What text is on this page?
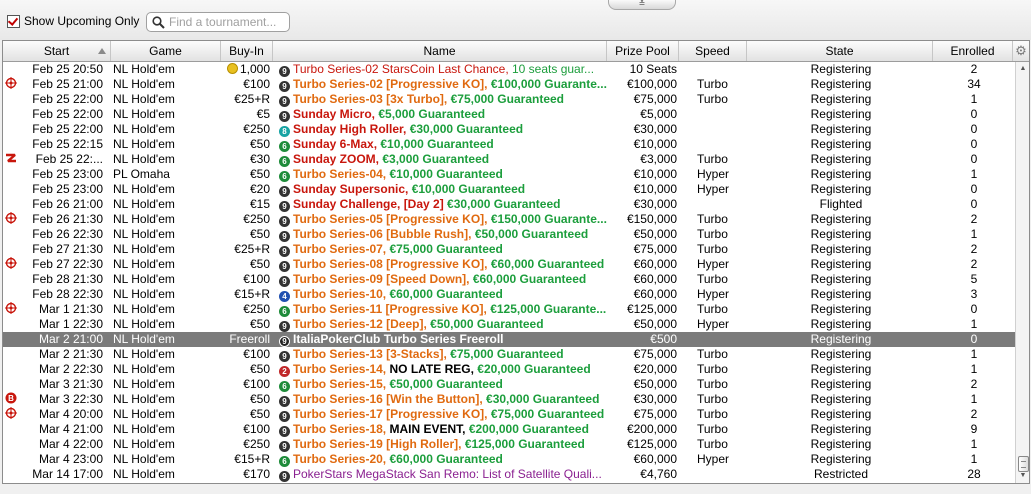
≛
Show Upcoming Only
Find a tournament...
Start	Game	Buy-In	Name	Prize Pool	Speed	State	Enrolled	⚙
Feb 25 20:50 NL Hold'em	1,000	9 Turbo Series-02 StarsCoin Last Chance, 10 seats guar...	10 Seats	Registering	2
Feb 25 21:00 NL Hold'em	€100	9 Turbo Series-02 [Progressive KO], €100,000 Guarante...	€100,000 Turbo	Registering	34
Feb 25 22:00 NL Hold'em	€25+R	9 Turbo Series-03 [3x Turbo], €75,000 Guaranteed	€75,000 Turbo	Registering	1
Feb 25 22:00 NL Hold'em	€5	9 Sunday Micro, €5,000 Guaranteed	€5,000	Registering	0
Feb 25 22:00 NL Hold'em	€250	8 Sunday High Roller, €30,000 Guaranteed	€30,000	Registering	0
Feb 25 22:15 NL Hold'em	€50	6 Sunday 6-Max, €10,000 Guaranteed	€10,000	Registering	0
Feb 25 22:... NL Hold'em	€30	6 Sunday ZOOM, €3,000 Guaranteed	€3,000 Turbo	Registering	0
Feb 25 23:00 PL Omaha	€50	6 Turbo Series-04, €10,000 Guaranteed	€10,000 Hyper	Registering	1
Feb 25 23:00 NL Hold'em	€20	9 Sunday Supersonic, €10,000 Guaranteed	€10,000 Hyper	Registering	0
Feb 26 21:00 NL Hold'em	€15	9 Sunday Challenge, [Day 2] €30,000 Guaranteed	€30,000	Flighted	0
Feb 26 21:30 NL Hold'em	€250	9 Turbo Series-05 [Progressive KO], €150,000 Guarante...	€150,000 Turbo	Registering	2
Feb 26 22:30 NL Hold'em	€50	9 Turbo Series-06 [Bubble Rush], €50,000 Guaranteed	€50,000 Turbo	Registering	1
Feb 27 21:30 NL Hold'em	€25+R	9 Turbo Series-07, €75,000 Guaranteed	€75,000 Turbo	Registering	2
Feb 27 22:30 NL Hold'em	€50	9 Turbo Series-08 [Progressive KO], €60,000 Guaranteed	€60,000 Hyper	Registering	2
Feb 28 21:30 NL Hold'em	€100	9 Turbo Series-09 [Speed Down], €60,000 Guaranteed	€60,000 Turbo	Registering	5
Feb 28 22:30 NL Hold'em	€15+R	4 Turbo Series-10, €60,000 Guaranteed	€60,000 Hyper	Registering	3
Mar 1 21:30 NL Hold'em	€250	6 Turbo Series-11 [Progressive KO], €125,000 Guarante...	€125,000 Turbo	Registering	0
Mar 1 22:30 NL Hold'em	€50	9 Turbo Series-12 [Deep], €50,000 Guaranteed	€50,000 Hyper	Registering	1
Mar 2 21:00 NL Hold'em	Freeroll	9 ItaliaPokerClub Turbo Series Freeroll	€500	Registering	0
Mar 2 21:30 NL Hold'em	€100	9 Turbo Series-13 [3-Stacks], €75,000 Guaranteed	€75,000 Turbo	Registering	1
Mar 2 22:30 NL Hold'em	€50	2 Turbo Series-14, NO LATE REG, €20,000 Guaranteed	€20,000 Turbo	Registering	1
Mar 3 21:30 NL Hold'em	€100	6 Turbo Series-15, €50,000 Guaranteed	€50,000 Turbo	Registering	2
B	Mar 3 22:30 NL Hold'em	€50	9 Turbo Series-16 [Win the Button], €30,000 Guaranteed	€30,000 Turbo	Registering	1
Mar 4 20:00 NL Hold'em	€50	9 Turbo Series-17 [Progressive KO], €75,000 Guaranteed	€75,000 Turbo	Registering	2
Mar 4 21:00 NL Hold'em	€100	9 Turbo Series-18, MAIN EVENT, €200,000 Guaranteed	€200,000 Turbo	Registering	9
Mar 4 22:00 NL Hold'em	€250	9 Turbo Series-19 [High Roller], €125,000 Guaranteed	€125,000 Turbo	Registering	1
Mar 4 23:00 NL Hold'em	€15+R	6 Turbo Series-20, €60,000 Guaranteed	€60,000 Hyper	Registering	1
Mar 14 17:00 NL Hold'em	€170	9 PokerStars MegaStack San Remo: List of Satellite Quali...	€4,760	Restricted	28
▲
▼
